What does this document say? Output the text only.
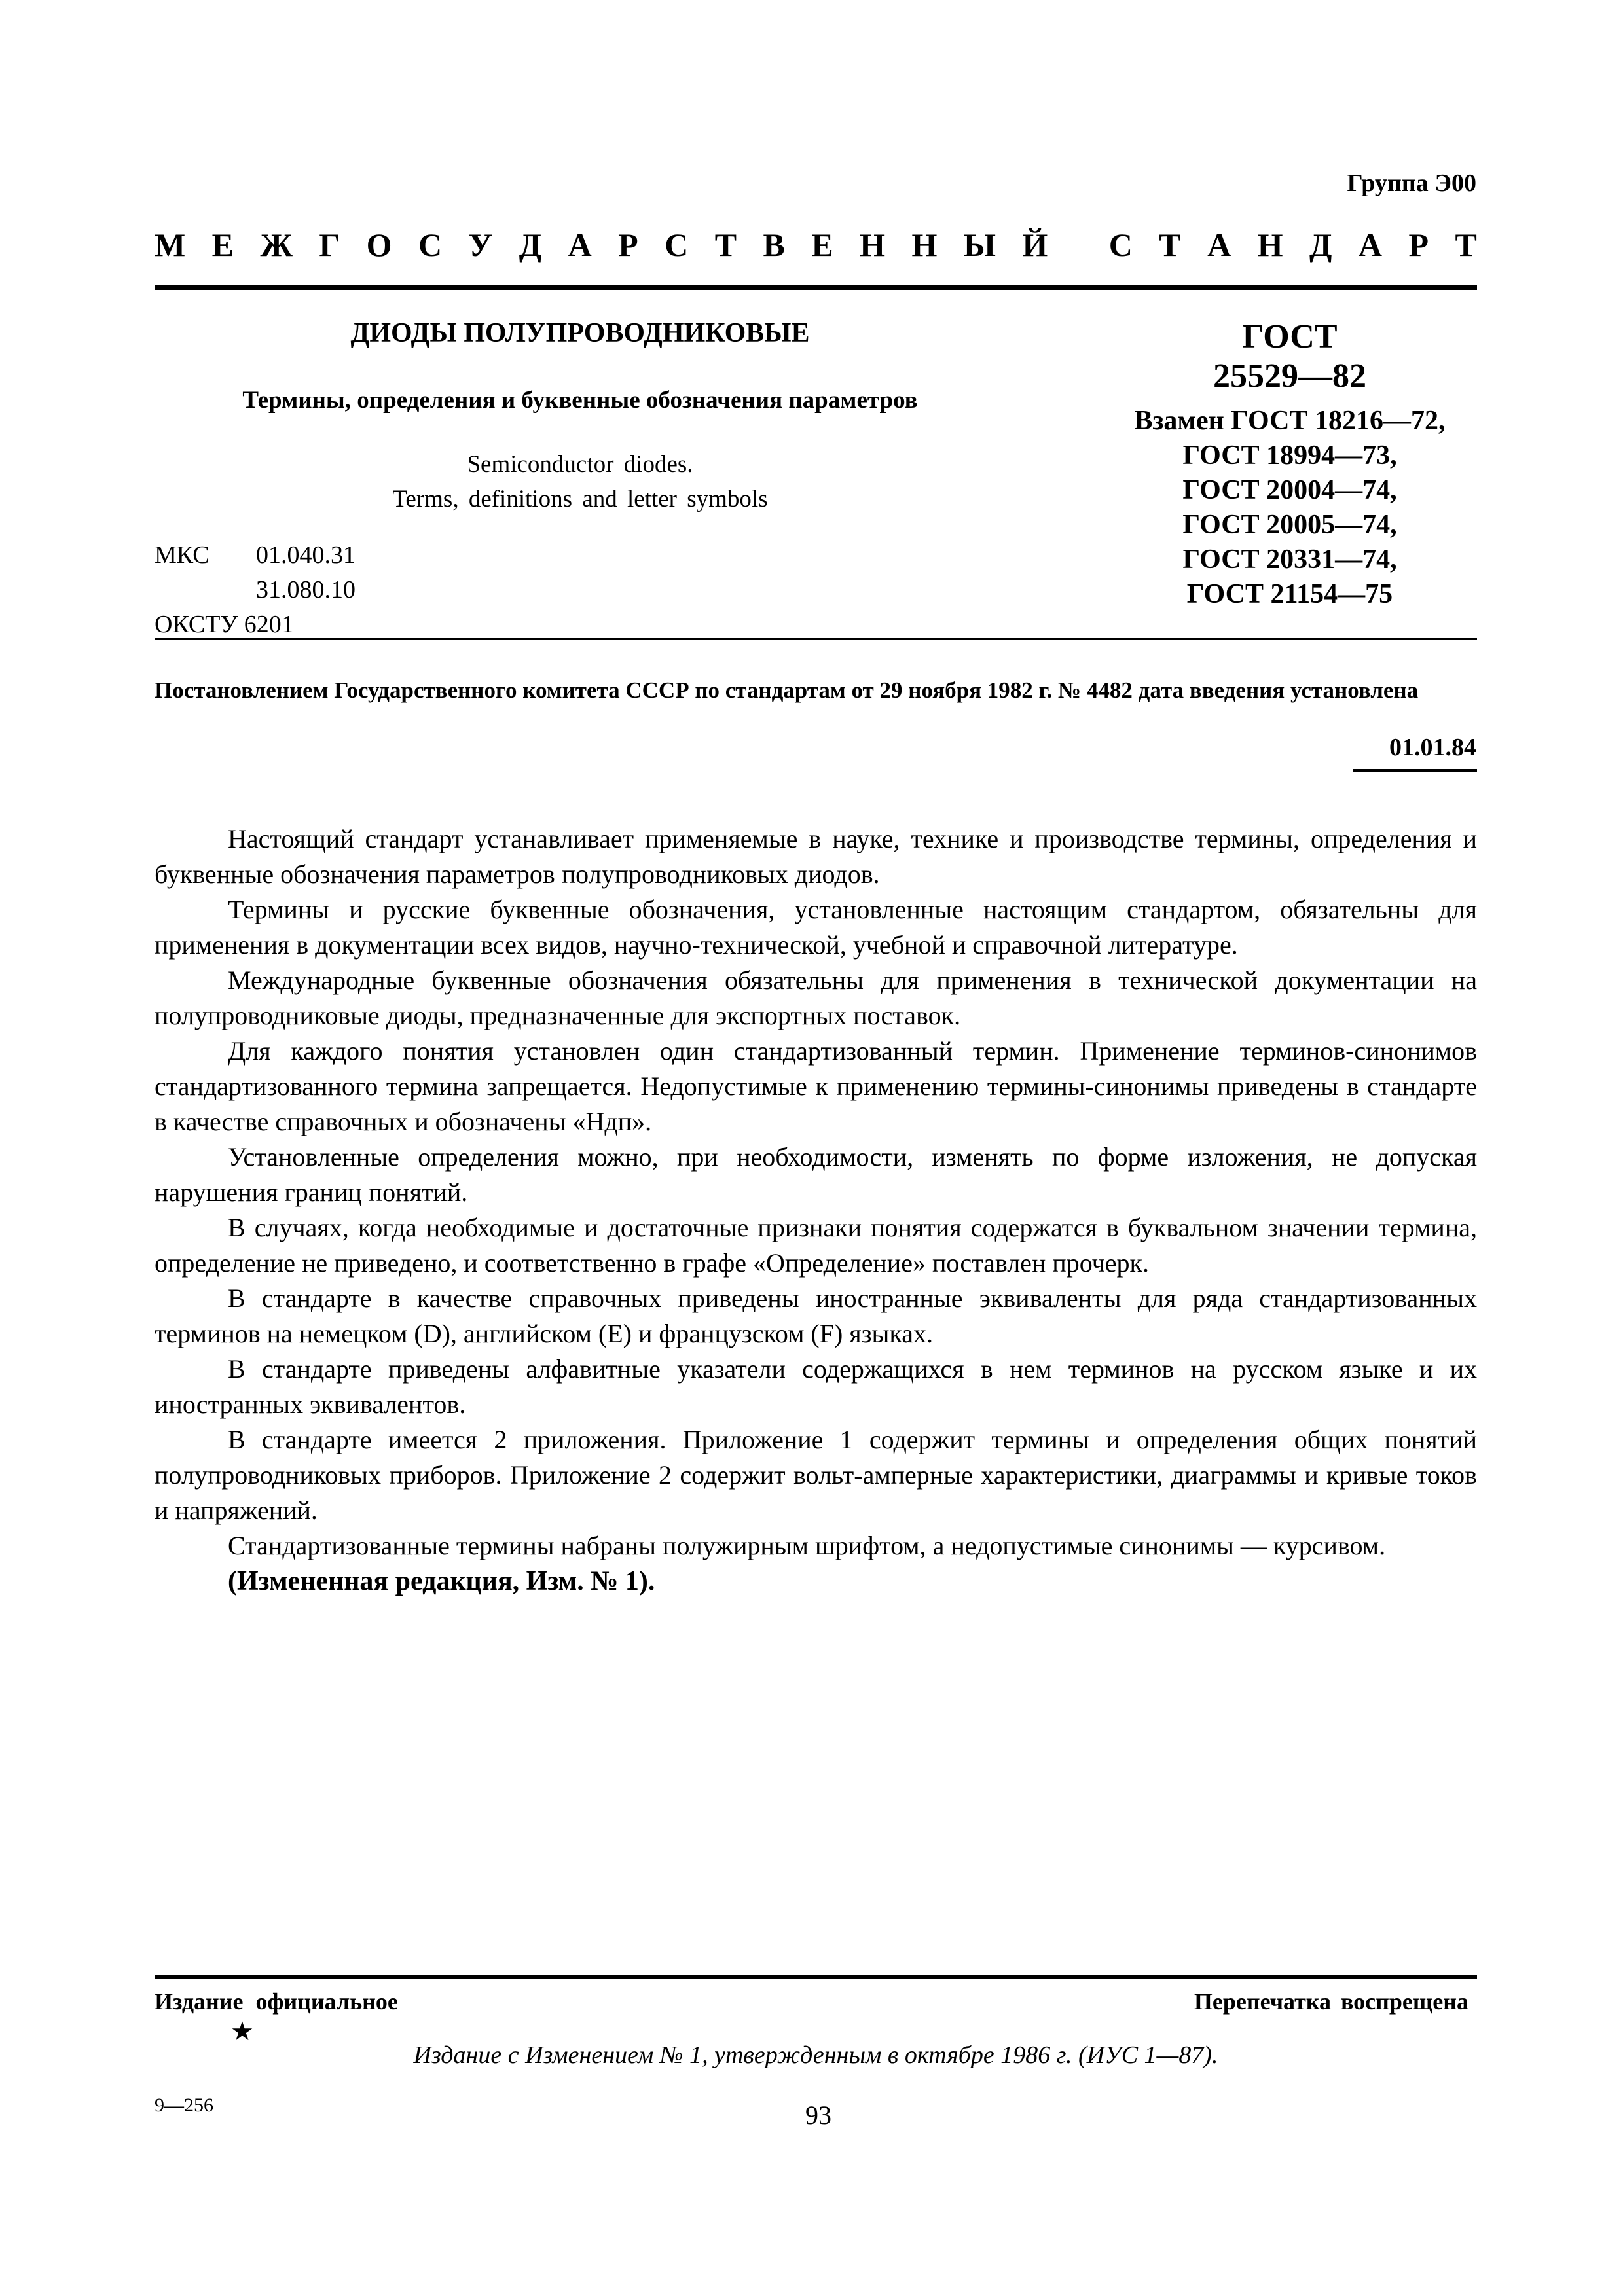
Группа Э00
М Е Ж Г О С У Д А Р С Т В Е Н Н Ы Й
С Т А Н Д А Р Т
ДИОДЫ ПОЛУПРОВОДНИКОВЫЕ
Термины, определения и буквенные обозначения параметров
Semiconductor diodes.
Terms, definitions and letter symbols
ГОСТ
25529—82
Взамен ГОСТ 18216—72,
ГОСТ 18994—73,
ГОСТ 20004—74,
ГОСТ 20005—74,
ГОСТ 20331—74,
ГОСТ 21154—75
МКС	01.040.31
31.080.10
ОКСТУ 6201
Постановлением Государственного комитета СССР по стандартам от 29 ноября 1982 г. № 4482 дата введения установлена
01.01.84

Настоящий стандарт устанавливает применяемые в науке, технике и производстве термины, определения и буквенные обозначения параметров полупроводниковых диодов.

Термины и русские буквенные обозначения, установленные настоящим стандартом, обязательны для применения в документации всех видов, научно-технической, учебной и справочной литературе.

Международные буквенные обозначения обязательны для применения в технической документации на полупроводниковые диоды, предназначенные для экспортных поставок.

Для каждого понятия установлен один стандартизованный термин. Применение терминов-синонимов стандартизованного термина запрещается. Недопустимые к применению термины-синонимы приведены в стандарте в качестве справочных и обозначены «Ндп».

Установленные определения можно, при необходимости, изменять по форме изложения, не допуская нарушения границ понятий.

В случаях, когда необходимые и достаточные признаки понятия содержатся в буквальном значении термина, определение не приведено, и соответственно в графе «Определение» поставлен прочерк.

В стандарте в качестве справочных приведены иностранные эквиваленты для ряда стандартизованных терминов на немецком (D), английском (E) и французском (F) языках.

В стандарте приведены алфавитные указатели содержащихся в нем терминов на русском языке и их иностранных эквивалентов.

В стандарте имеется 2 приложения. Приложение 1 содержит термины и определения общих понятий полупроводниковых приборов. Приложение 2 содержит вольт-амперные характеристики, диаграммы и кривые токов и напряжений.

Стандартизованные термины набраны полужирным шрифтом, а недопустимые синонимы — курсивом.

(Измененная редакция, Изм. № 1).

Издание официальное	Перепечатка воспрещена
★
Издание с Изменением № 1, утвержденным в октябре 1986 г. (ИУС 1—87).
9—256	93
